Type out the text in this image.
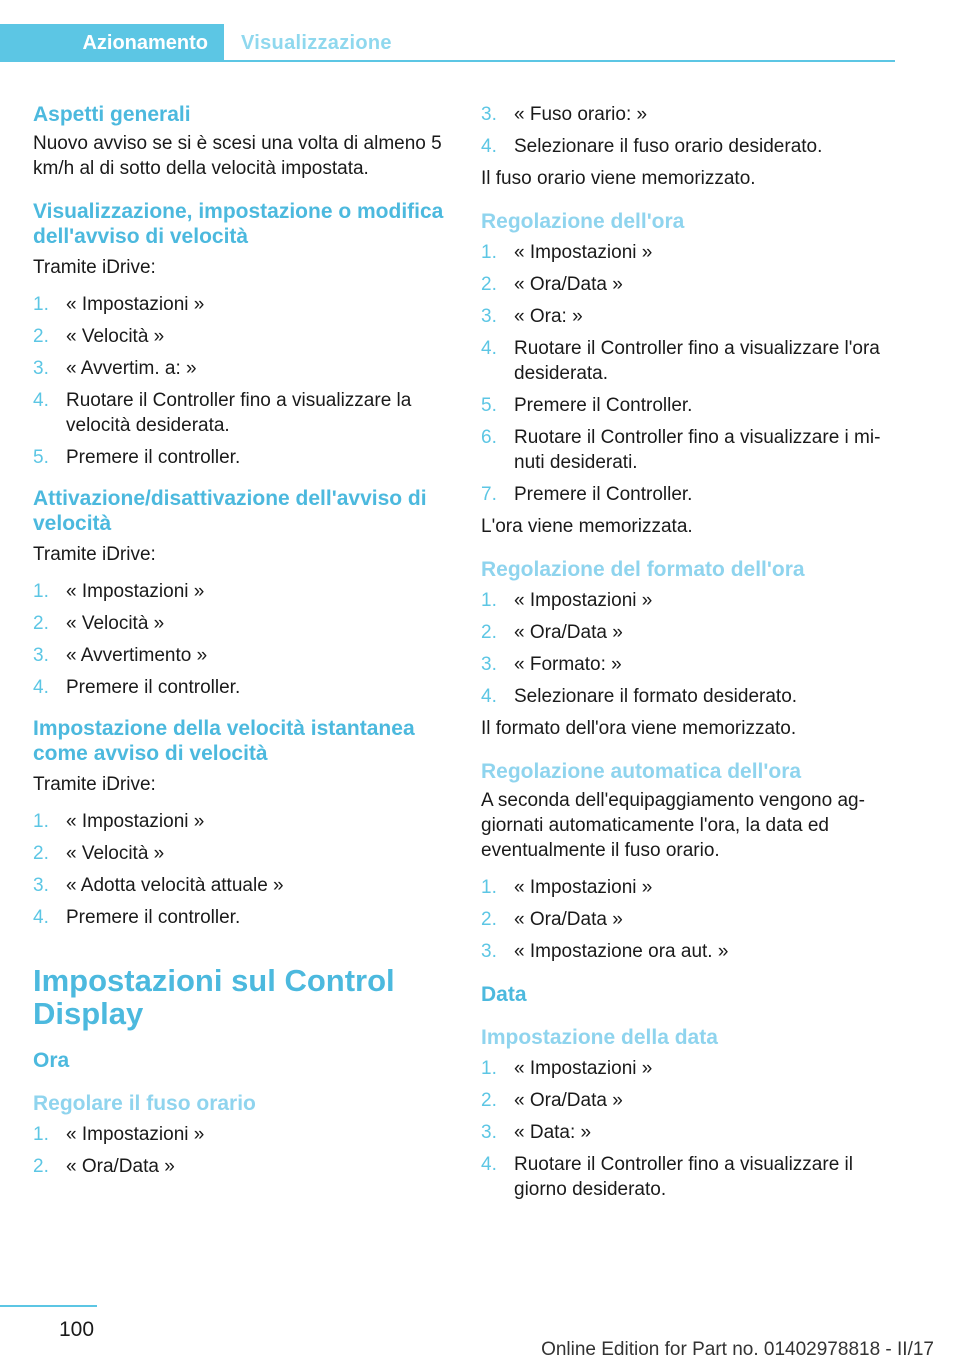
Azionamento Visualizzazione
Aspetti generali

Nuovo avviso se si è scesi una volta di almeno 5 km/h al di sotto della velocità impostata.

Visualizzazione, impostazione o modifica dell'avviso di velocità

Tramite iDrive:

1. « Impostazioni »
2. « Velocità »
3. « Avvertim. a: »
4. Ruotare il Controller fino a visualizzare la velocità desiderata.
5. Premere il controller.
Attivazione/disattivazione dell'avviso di velocità

Tramite iDrive:

1. « Impostazioni »
2. « Velocità »
3. « Avvertimento »
4. Premere il controller.
Impostazione della velocità istantanea come avviso di velocità

Tramite iDrive:

1. « Impostazioni »
2. « Velocità »
3. « Adotta velocità attuale »
4. Premere il controller.
Impostazioni sul Control Display
Ora
Regolare il fuso orario
1. « Impostazioni »
2. « Ora/Data »
3. « Fuso orario: »
4. Selezionare il fuso orario desiderato.

Il fuso orario viene memorizzato.

Regolazione dell'ora
1. « Impostazioni »
2. « Ora/Data »
3. « Ora: »
4. Ruotare il Controller fino a visualizzare l'ora desiderata.
5. Premere il Controller.
6. Ruotare il Controller fino a visualizzare i minuti desiderati.
7. Premere il Controller.

L'ora viene memorizzata.

Regolazione del formato dell'ora
1. « Impostazioni »
2. « Ora/Data »
3. « Formato: »
4. Selezionare il formato desiderato.

Il formato dell'ora viene memorizzato.

Regolazione automatica dell'ora

A seconda dell'equipaggiamento vengono aggiornati automaticamente l'ora, la data ed eventualmente il fuso orario.

1. « Impostazioni »
2. « Ora/Data »
3. « Impostazione ora aut. »
Data
Impostazione della data
1. « Impostazioni »
2. « Ora/Data »
3. « Data: »
4. Ruotare il Controller fino a visualizzare il giorno desiderato.
100
Online Edition for Part no. 01402978818 - II/17
